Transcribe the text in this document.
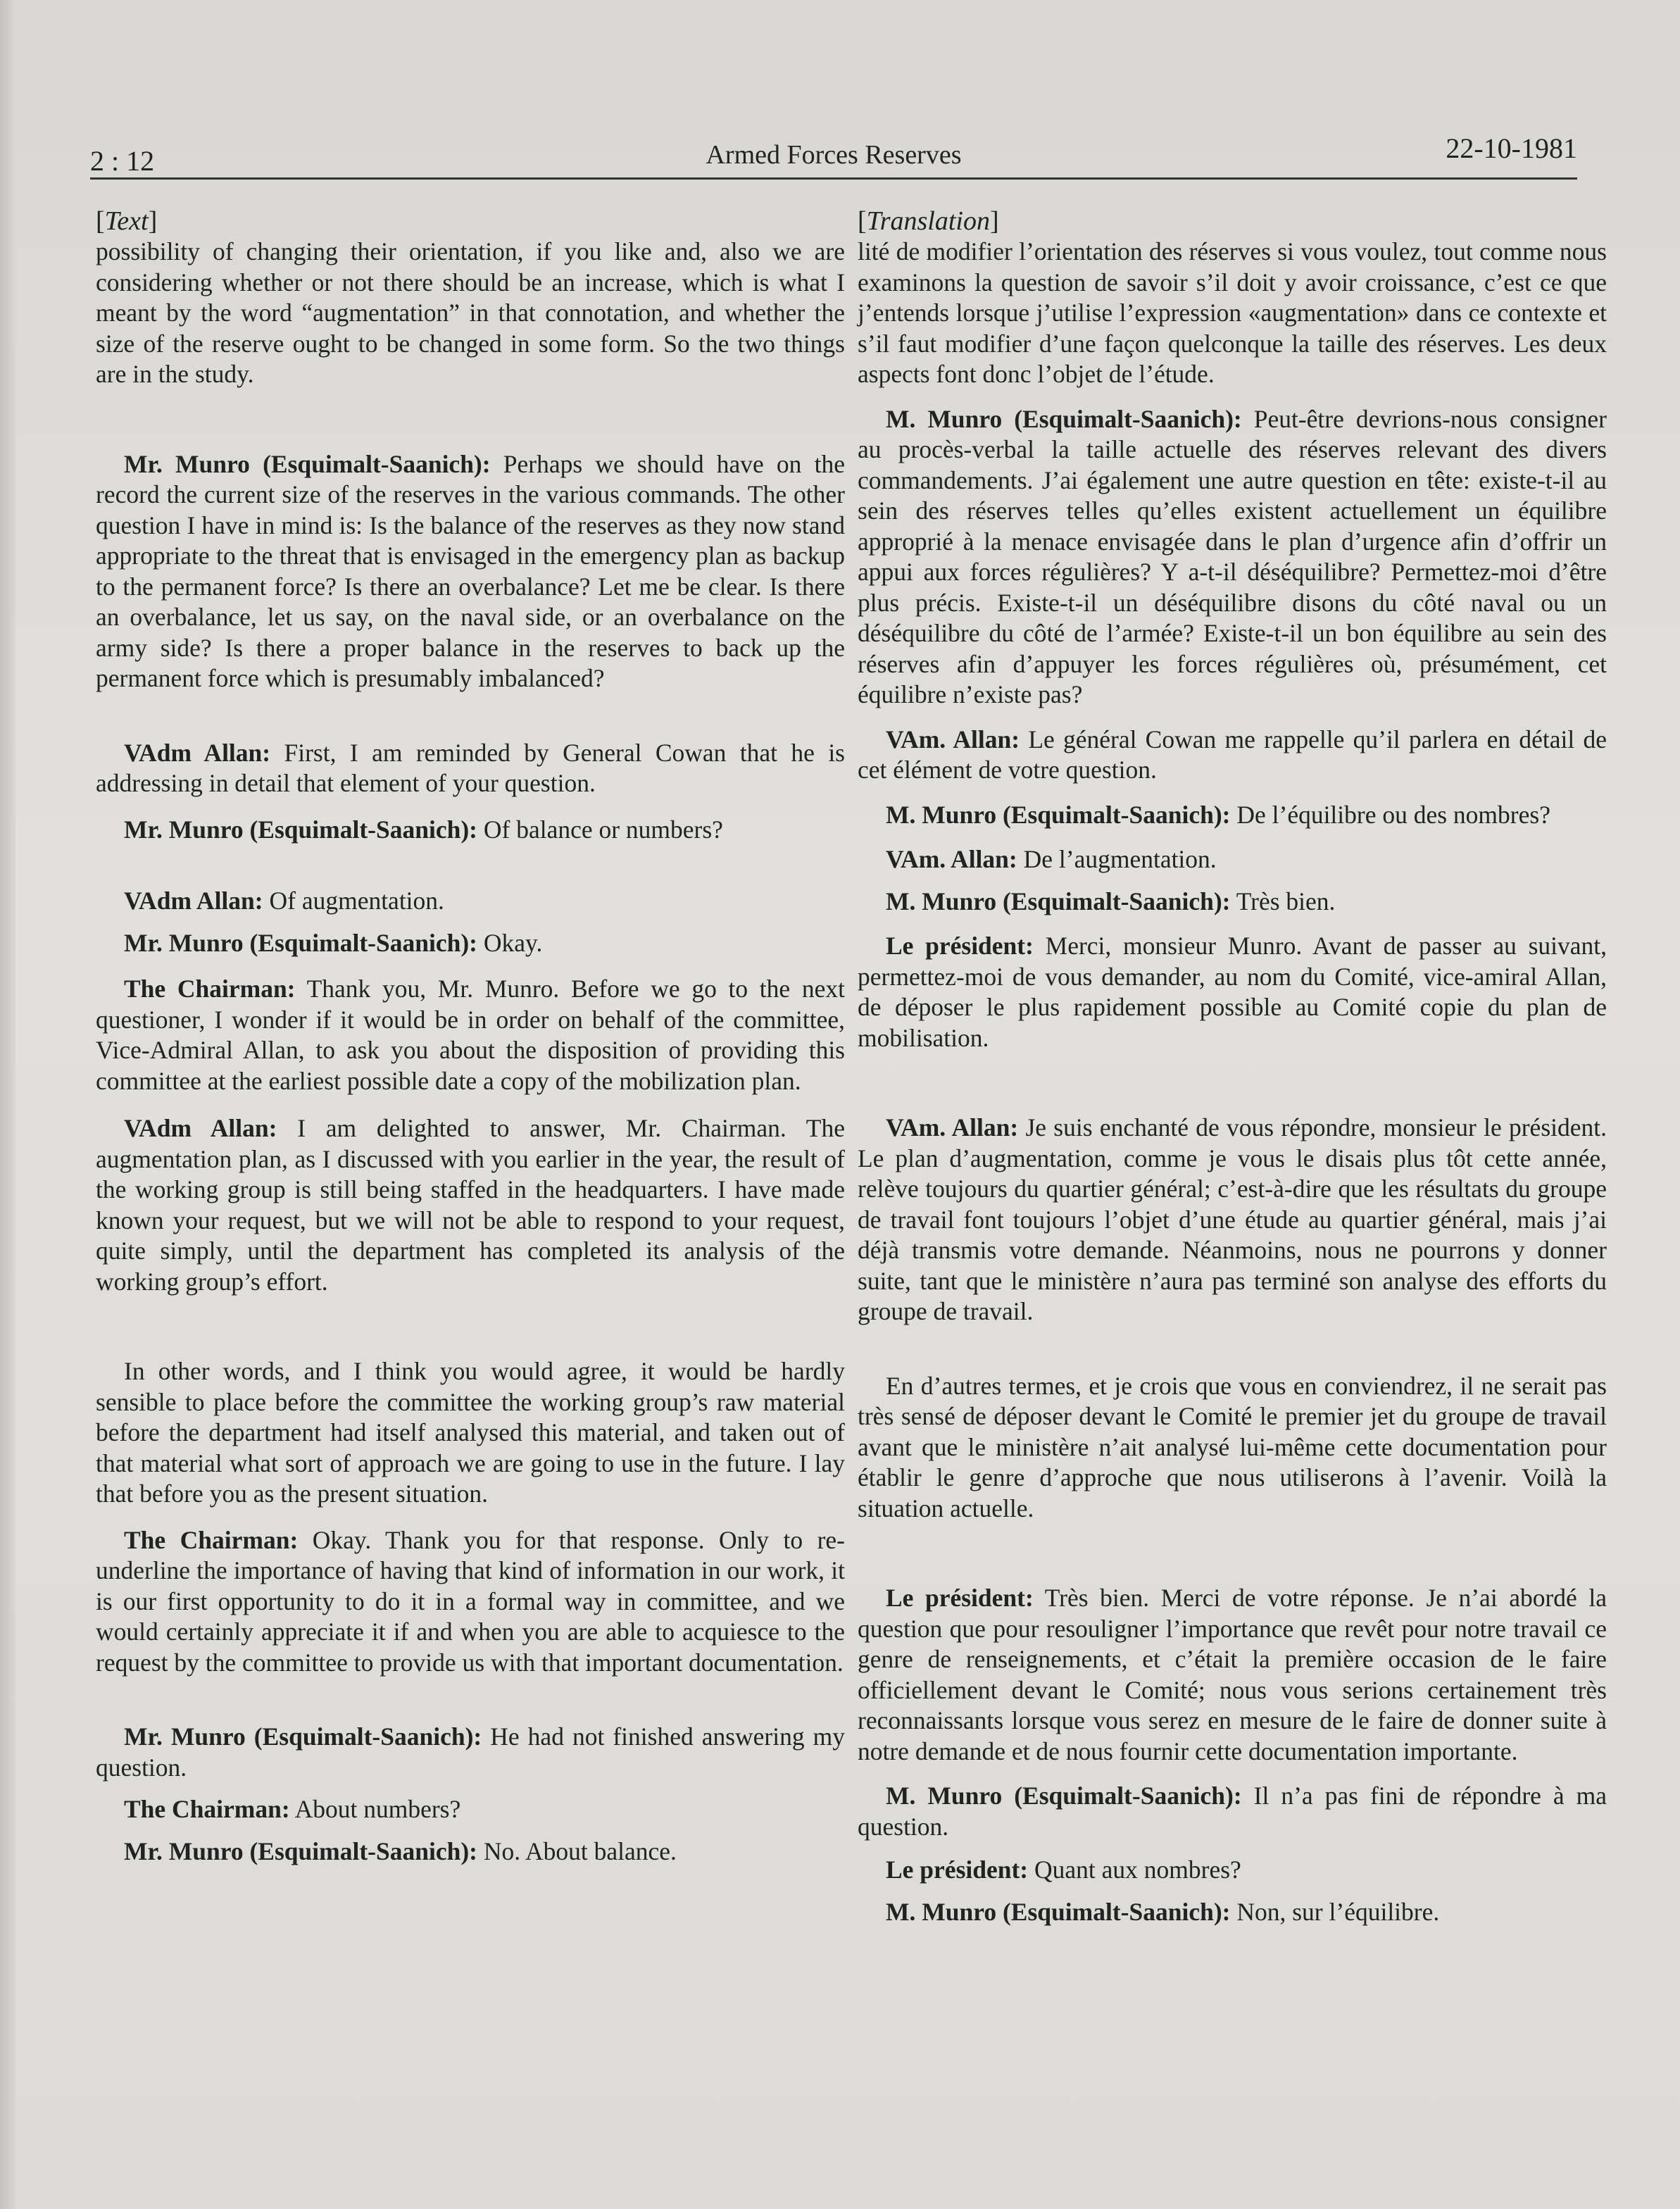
2 : 12	Armed Forces Reserves	22-10-1981
[Text]

possibility of changing their orientation, if you like and, also we are considering whether or not there should be an increase, which is what I meant by the word “augmentation” in that connotation, and whether the size of the reserve ought to be changed in some form. So the two things are in the study.

Mr. Munro (Esquimalt-Saanich): Perhaps we should have on the record the current size of the reserves in the various commands. The other question I have in mind is: Is the balance of the reserves as they now stand appropriate to the threat that is envisaged in the emergency plan as backup to the permanent force? Is there an overbalance? Let me be clear. Is there an overbalance, let us say, on the naval side, or an overbalance on the army side? Is there a proper balance in the reserves to back up the permanent force which is presumably imbalanced?

VAdm Allan: First, I am reminded by General Cowan that he is addressing in detail that element of your question.

Mr. Munro (Esquimalt-Saanich): Of balance or numbers?

VAdm Allan: Of augmentation.

Mr. Munro (Esquimalt-Saanich): Okay.

The Chairman: Thank you, Mr. Munro. Before we go to the next questioner, I wonder if it would be in order on behalf of the committee, Vice-Admiral Allan, to ask you about the disposition of providing this committee at the earliest possible date a copy of the mobilization plan.

VAdm Allan: I am delighted to answer, Mr. Chairman. The augmentation plan, as I discussed with you earlier in the year, the result of the working group is still being staffed in the headquarters. I have made known your request, but we will not be able to respond to your request, quite simply, until the department has completed its analysis of the working group’s effort.

In other words, and I think you would agree, it would be hardly sensible to place before the committee the working group’s raw material before the department had itself analysed this material, and taken out of that material what sort of approach we are going to use in the future. I lay that before you as the present situation.

The Chairman: Okay. Thank you for that response. Only to re-underline the importance of having that kind of information in our work, it is our first opportunity to do it in a formal way in committee, and we would certainly appreciate it if and when you are able to acquiesce to the request by the committee to provide us with that important documentation.

Mr. Munro (Esquimalt-Saanich): He had not finished answering my question.

The Chairman: About numbers?

Mr. Munro (Esquimalt-Saanich): No. About balance.

[Translation]

lité de modifier l’orientation des réserves si vous voulez, tout comme nous examinons la question de savoir s’il doit y avoir croissance, c’est ce que j’entends lorsque j’utilise l’expression «augmentation» dans ce contexte et s’il faut modifier d’une façon quelconque la taille des réserves. Les deux aspects font donc l’objet de l’étude.

M. Munro (Esquimalt-Saanich): Peut-être devrions-nous consigner au procès-verbal la taille actuelle des réserves relevant des divers commandements. J’ai également une autre question en tête: existe-t-il au sein des réserves telles qu’elles existent actuellement un équilibre approprié à la menace envisagée dans le plan d’urgence afin d’offrir un appui aux forces régulières? Y a-t-il déséquilibre? Permettez-moi d’être plus précis. Existe-t-il un déséquilibre disons du côté naval ou un déséquilibre du côté de l’armée? Existe-t-il un bon équilibre au sein des réserves afin d’appuyer les forces régulières où, présumément, cet équilibre n’existe pas?

VAm. Allan: Le général Cowan me rappelle qu’il parlera en détail de cet élément de votre question.

M. Munro (Esquimalt-Saanich): De l’équilibre ou des nombres?

VAm. Allan: De l’augmentation.

M. Munro (Esquimalt-Saanich): Très bien.

Le président: Merci, monsieur Munro. Avant de passer au suivant, permettez-moi de vous demander, au nom du Comité, vice-amiral Allan, de déposer le plus rapidement possible au Comité copie du plan de mobilisation.

VAm. Allan: Je suis enchanté de vous répondre, monsieur le président. Le plan d’augmentation, comme je vous le disais plus tôt cette année, relève toujours du quartier général; c’est-à-dire que les résultats du groupe de travail font toujours l’objet d’une étude au quartier général, mais j’ai déjà transmis votre demande. Néanmoins, nous ne pourrons y donner suite, tant que le ministère n’aura pas terminé son analyse des efforts du groupe de travail.

En d’autres termes, et je crois que vous en conviendrez, il ne serait pas très sensé de déposer devant le Comité le premier jet du groupe de travail avant que le ministère n’ait analysé lui-même cette documentation pour établir le genre d’approche que nous utiliserons à l’avenir. Voilà la situation actuelle.

Le président: Très bien. Merci de votre réponse. Je n’ai abordé la question que pour resouligner l’importance que revêt pour notre travail ce genre de renseignements, et c’était la première occasion de le faire officiellement devant le Comité; nous vous serions certainement très reconnaissants lorsque vous serez en mesure de le faire de donner suite à notre demande et de nous fournir cette documentation importante.

M. Munro (Esquimalt-Saanich): Il n’a pas fini de répondre à ma question.

Le président: Quant aux nombres?

M. Munro (Esquimalt-Saanich): Non, sur l’équilibre.
